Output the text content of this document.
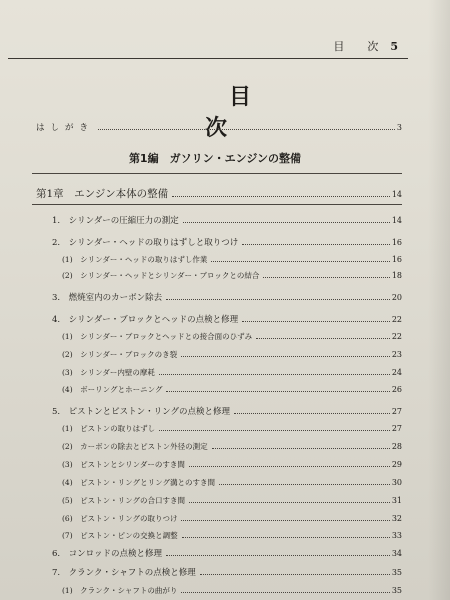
目　次 5
目次
はしがき	3
第1編　ガソリン・エンジンの整備
第1章　エンジン本体の整備	14
1.　シリンダーの圧縮圧力の測定	14
2.　シリンダー・ヘッドの取りはずしと取りつけ	16
(1)　シリンダー・ヘッドの取りはずし作業	16
(2)　シリンダー・ヘッドとシリンダー・ブロックとの結合	18
3.　燃焼室内のカーボン除去	20
4.　シリンダー・ブロックとヘッドの点検と修理	22
(1)　シリンダー・ブロックとヘッドとの接合面のひずみ	22
(2)　シリンダー・ブロックのき裂	23
(3)　シリンダー内壁の摩耗	24
(4)　ボーリングとホーニング	26
5.　ピストンとピストン・リングの点検と修理	27
(1)　ピストンの取りはずし	27
(2)　カーボンの除去とピストン外径の測定	28
(3)　ピストンとシリンダーのすき間	29
(4)　ピストン・リングとリング溝とのすき間	30
(5)　ピストン・リングの合口すき間	31
(6)　ピストン・リングの取りつけ	32
(7)　ピストン・ピンの交換と調整	33
6.　コンロッドの点検と修理	34
7.　クランク・シャフトの点検と修理	35
(1)　クランク・シャフトの曲がり	35
